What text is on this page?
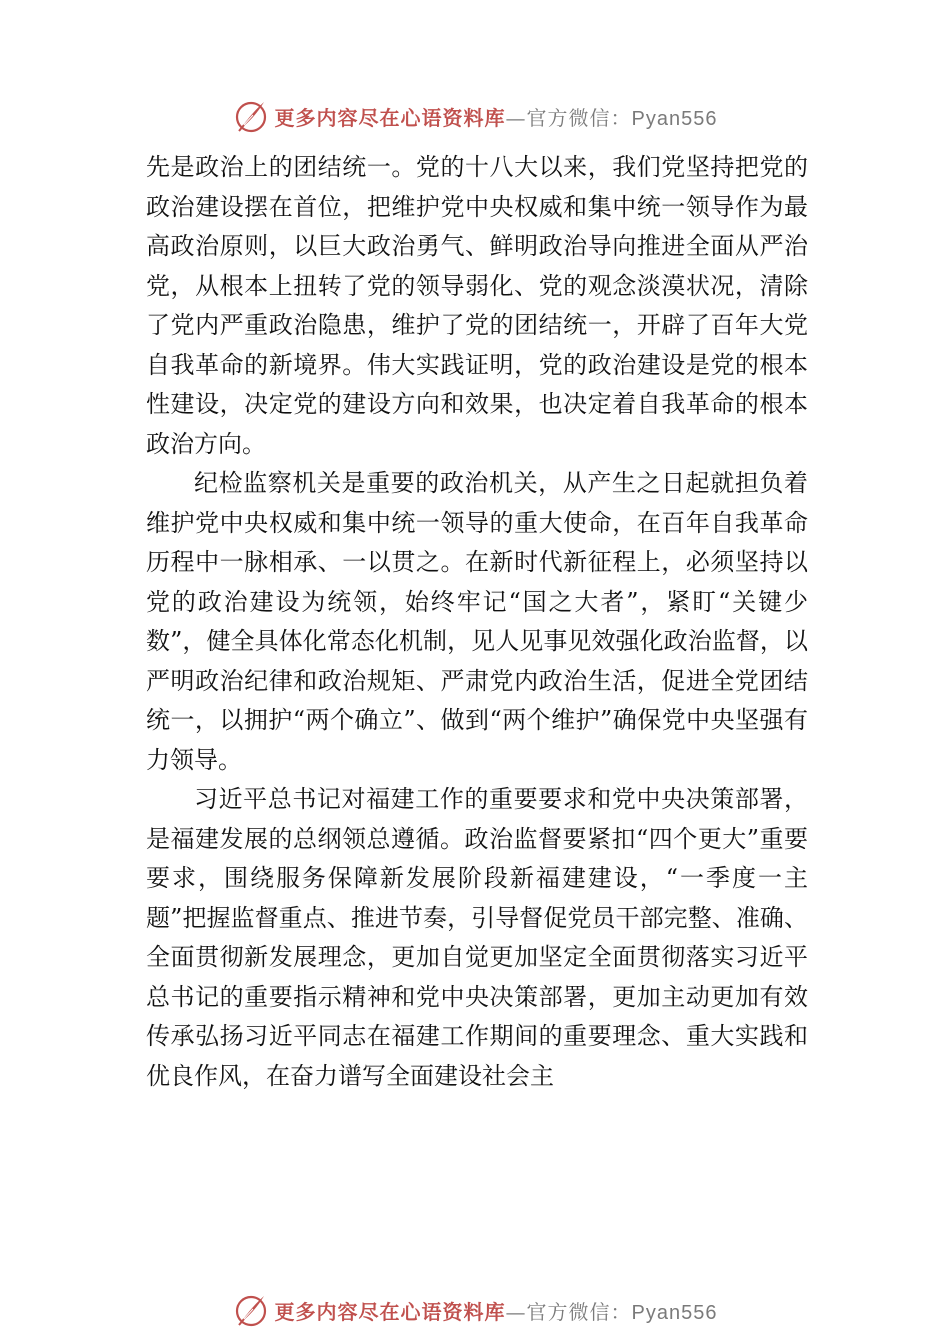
更多内容尽在心语资料库—官方微信：Pyan556

先是政治上的团结统一。党的十八大以来，我们党坚持把党的政治建设摆在首位，把维护党中央权威和集中统一领导作为最高政治原则，以巨大政治勇气、鲜明政治导向推进全面从严治党，从根本上扭转了党的领导弱化、党的观念淡漠状况，清除了党内严重政治隐患，维护了党的团结统一，开辟了百年大党自我革命的新境界。伟大实践证明，党的政治建设是党的根本性建设，决定党的建设方向和效果，也决定着自我革命的根本政治方向。

纪检监察机关是重要的政治机关，从产生之日起就担负着维护党中央权威和集中统一领导的重大使命，在百年自我革命历程中一脉相承、一以贯之。在新时代新征程上，必须坚持以党的政治建设为统领，始终牢记“国之大者”，紧盯“关键少数”，健全具体化常态化机制，见人见事见效强化政治监督，以严明政治纪律和政治规矩、严肃党内政治生活，促进全党团结统一，以拥护“两个确立”、做到“两个维护”确保党中央坚强有力领导。

习近平总书记对福建工作的重要要求和党中央决策部署，是福建发展的总纲领总遵循。政治监督要紧扣“四个更大”重要要求，围绕服务保障新发展阶段新福建建设，“一季度一主题”把握监督重点、推进节奏，引导督促党员干部完整、准确、全面贯彻新发展理念，更加自觉更加坚定全面贯彻落实习近平总书记的重要指示精神和党中央决策部署，更加主动更加有效传承弘扬习近平同志在福建工作期间的重要理念、重大实践和优良作风，在奋力谱写全面建设社会主

更多内容尽在心语资料库—官方微信：Pyan556
